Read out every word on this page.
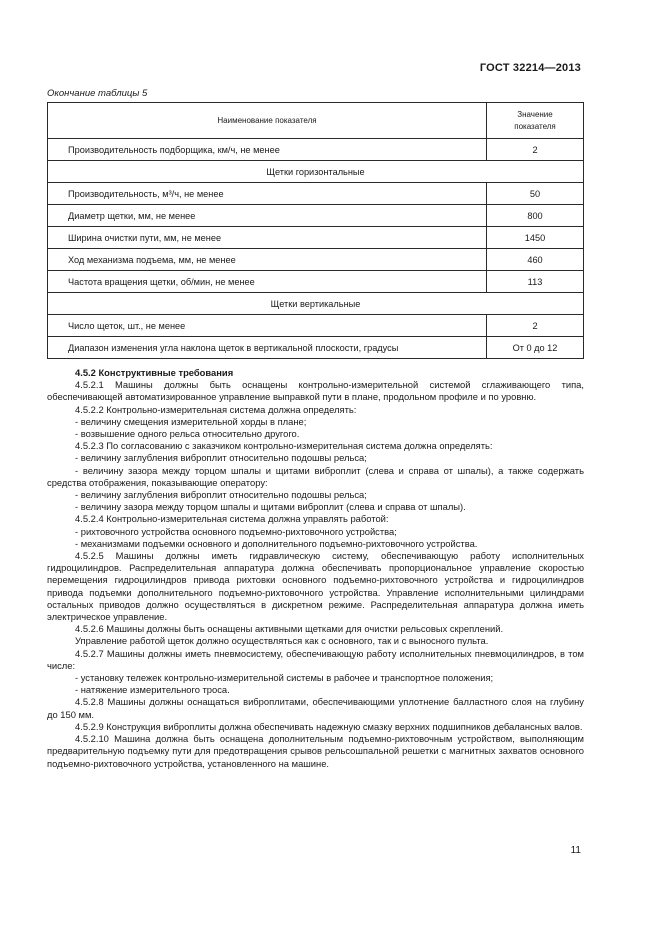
ГОСТ 32214—2013
Окончание таблицы 5
Наименование показателя	Значение
показателя
Производительность подборщика, км/ч, не менее	2
Щетки горизонтальные	
Производительность, м³/ч, не менее	50
Диаметр щетки, мм, не менее	800
Ширина очистки пути, мм, не менее	1450
Ход механизма подъема, мм, не менее	460
Частота вращения щетки, об/мин, не менее	113
Щетки вертикальные	
Число щеток, шт., не менее	2
Диапазон изменения угла наклона щеток в вертикальной плоскости, градусы	От 0 до 12

4.5.2 Конструктивные требования

4.5.2.1 Машины должны быть оснащены контрольно-измерительной системой сглаживающего типа, обеспечивающей автоматизированное управление выправкой пути в плане, продольном профиле и по уровню.

4.5.2.2 Контрольно-измерительная система должна определять:

- величину смещения измерительной хорды в плане;

- возвышение одного рельса относительно другого.

4.5.2.3 По согласованию с заказчиком контрольно-измерительная система должна определять:

- величину заглубления виброплит относительно подошвы рельса;

- величину зазора между торцом шпалы и щитами виброплит (слева и справа от шпалы), а также содержать средства отображения, показывающие оператору:

- величину заглубления виброплит относительно подошвы рельса;

- величину зазора между торцом шпалы и щитами виброплит (слева и справа от шпалы).

4.5.2.4 Контрольно-измерительная система должна управлять работой:

- рихтовочного устройства основного подъемно-рихтовочного устройства;

- механизмами подъемки основного и дополнительного подъемно-рихтовочного устройства.

4.5.2.5 Машины должны иметь гидравлическую систему, обеспечивающую работу исполнительных гидроцилиндров. Распределительная аппаратура должна обеспечивать пропорциональное управление скоростью перемещения гидроцилиндров привода рихтовки основного подъемно-рихтовочного устройства и гидроцилиндров привода подъемки дополнительного подъемно-рихтовочного устройства. Управление исполнительными цилиндрами остальных приводов должно осуществляться в дискретном режиме. Распределительная аппаратура должна иметь электрическое управление.

4.5.2.6 Машины должны быть оснащены активными щетками для очистки рельсовых скреплений.

Управление работой щеток должно осуществляться как с основного, так и с выносного пульта.

4.5.2.7 Машины должны иметь пневмосистему, обеспечивающую работу исполнительных пневмоцилиндров, в том числе:

- установку тележек контрольно-измерительной системы в рабочее и транспортное положения;

- натяжение измерительного троса.

4.5.2.8 Машины должны оснащаться виброплитами, обеспечивающими уплотнение балластного слоя на глубину до 150 мм.

4.5.2.9 Конструкция виброплиты должна обеспечивать надежную смазку верхних подшипников дебалансных валов.

4.5.2.10 Машина должна быть оснащена дополнительным подъемно-рихтовочным устройством, выполняющим предварительную подъемку пути для предотвращения срывов рельсошпальной решетки с магнитных захватов основного подъемно-рихтовочного устройства, установленного на машине.

11
